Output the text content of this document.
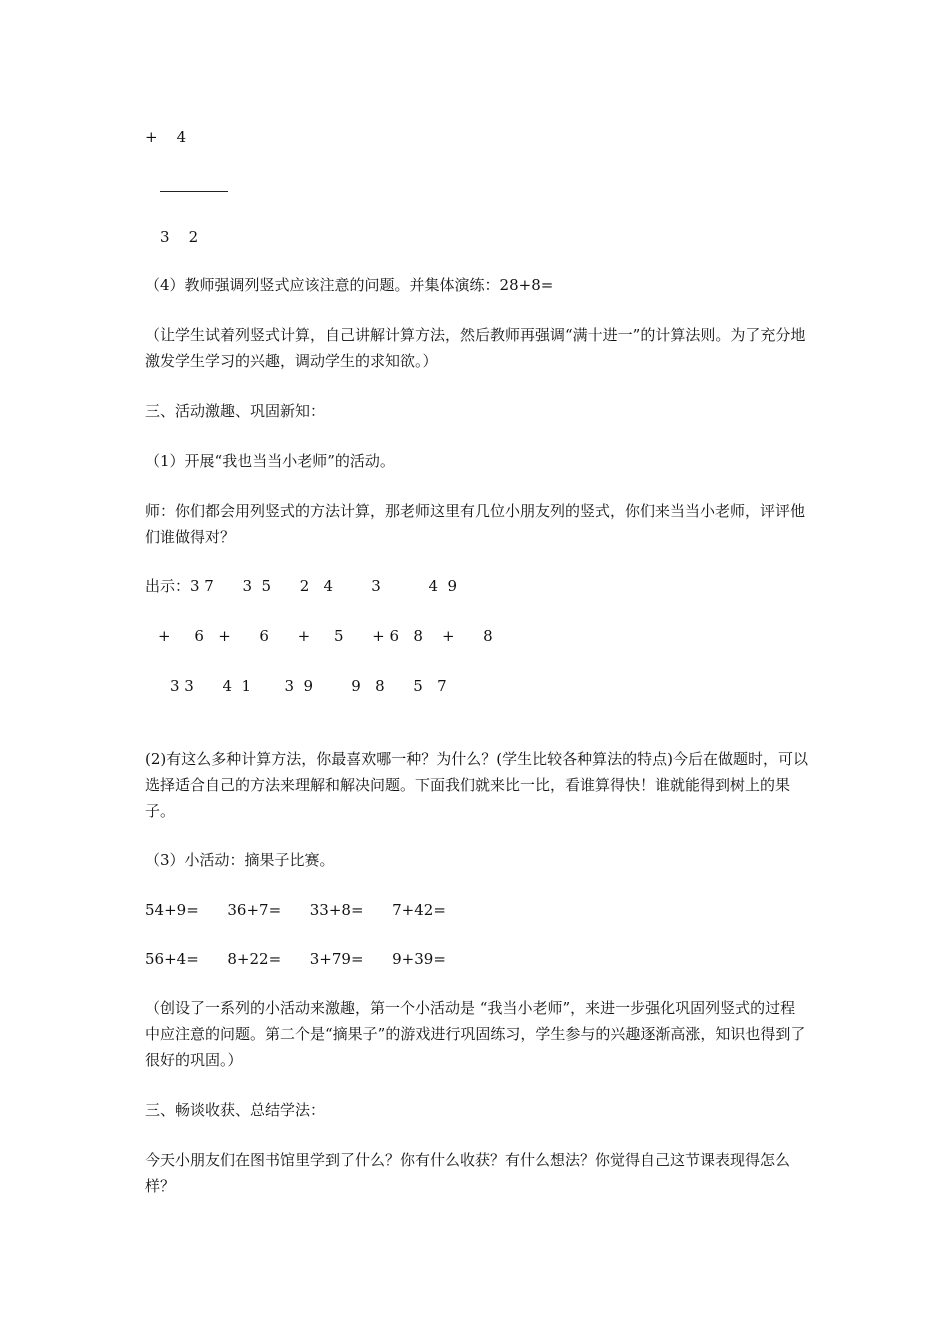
+    4
3    2
（4）教师强调列竖式应该注意的问题。并集体演练：28+8=
（让学生试着列竖式计算，自己讲解计算方法，然后教师再强调“满十进一”的计算法则。为了充分地激发学生学习的兴趣，调动学生的求知欲。）
三、活动激趣、巩固新知：
（1）开展“我也当当小老师”的活动。
师：你们都会用列竖式的方法计算，那老师这里有几位小朋友列的竖式，你们来当当小老师，评评他们谁做得对？
出示：3 7      3  5      2   4        3          4  9
+     6   +      6      +     5      + 6   8    +      8
3 3      4  1       3  9        9   8      5   7
(2)有这么多种计算方法，你最喜欢哪一种？为什么？(学生比较各种算法的特点)今后在做题时，可以选择适合自己的方法来理解和解决问题。下面我们就来比一比，看谁算得快！谁就能得到树上的果子。
（3）小活动：摘果子比赛。
54+9=      36+7=      33+8=      7+42=
56+4=      8+22=      3+79=      9+39=
（创设了一系列的小活动来激趣，第一个小活动是 “我当小老师”，来进一步强化巩固列竖式的过程中应注意的问题。第二个是“摘果子”的游戏进行巩固练习，学生参与的兴趣逐渐高涨，知识也得到了很好的巩固。）
三、畅谈收获、总结学法：
今天小朋友们在图书馆里学到了什么？你有什么收获？有什么想法？你觉得自己这节课表现得怎么样？
